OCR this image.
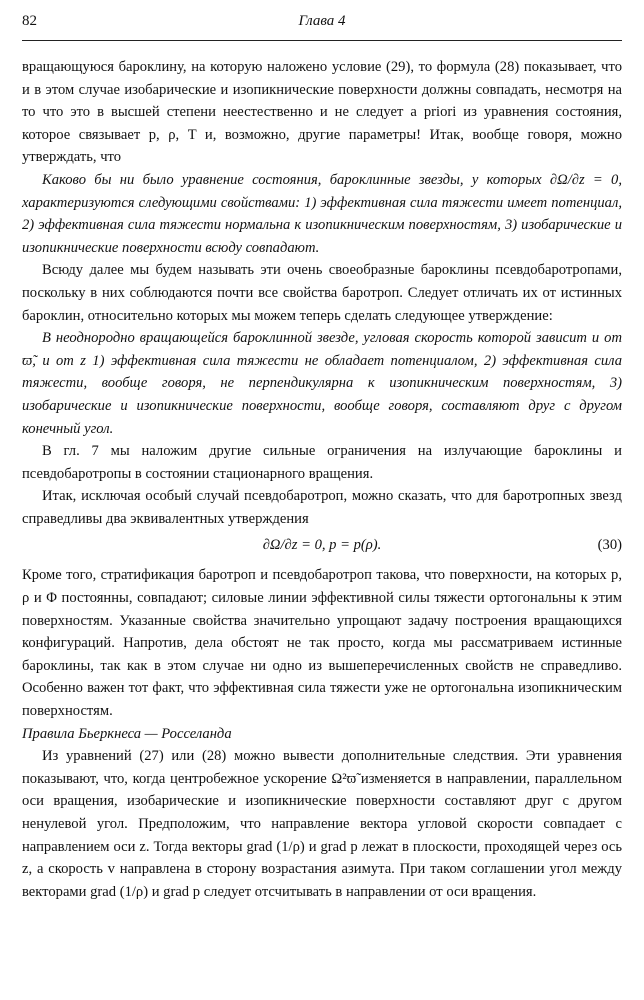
82	Глава 4

вращающуюся бароклину, на которую наложено условие (29), то формула (28) показывает, что и в этом случае изобарические и изопикнические поверхности должны совпадать, несмотря на то что это в высшей степени неестественно и не следует a priori из уравнения состояния, которое связывает p, ρ, T и, возможно, другие параметры! Итак, вообще говоря, можно утверждать, что

Каково бы ни было уравнение состояния, бароклинные звезды, у которых ∂Ω/∂z = 0, характеризуются следующими свойствами: 1) эффективная сила тяжести имеет потенциал, 2) эффективная сила тяжести нормальна к изопикническим поверхностям, 3) изобарические и изопикнические поверхности всюду совпадают.

Всюду далее мы будем называть эти очень своеобразные бароклины псевдобаротропами, поскольку в них соблюдаются почти все свойства баротроп. Следует отличать их от истинных бароклин, относительно которых мы можем теперь сделать следующее утверждение:

В неоднородно вращающейся бароклинной звезде, угловая скорость которой зависит и от ϖ̃, и от z 1) эффективная сила тяжести не обладает потенциалом, 2) эффективная сила тяжести, вообще говоря, не перпендикулярна к изопикническим поверхностям, 3) изобарические и изопикнические поверхности, вообще говоря, составляют друг с другом конечный угол.

В гл. 7 мы наложим другие сильные ограничения на излучающие бароклины и псевдобаротропы в состоянии стационарного вращения.

Итак, исключая особый случай псевдобаротроп, можно сказать, что для баротропных звезд справедливы два эквивалентных утверждения

∂Ω/∂z = 0, p = p(ρ).	(30)

Кроме того, стратификация баротроп и псевдобаротроп такова, что поверхности, на которых p, ρ и Φ постоянны, совпадают; силовые линии эффективной силы тяжести ортогональны к этим поверхностям. Указанные свойства значительно упрощают задачу построения вращающихся конфигураций. Напротив, дела обстоят не так просто, когда мы рассматриваем истинные бароклины, так как в этом случае ни одно из вышеперечисленных свойств не справедливо. Особенно важен тот факт, что эффективная сила тяжести уже не ортогональна изопикническим поверхностям.

Правила Бьеркнеса — Росселанда

Из уравнений (27) или (28) можно вывести дополнительные следствия. Эти уравнения показывают, что, когда центробежное ускорение Ω²ϖ̃ изменяется в направлении, параллельном оси вращения, изобарические и изопикнические поверхности составляют друг с другом ненулевой угол. Предположим, что направление вектора угловой скорости совпадает с направлением оси z. Тогда векторы grad (1/ρ) и grad p лежат в плоскости, проходящей через ось z, а скорость v направлена в сторону возрастания азимута. При таком соглашении угол между векторами grad (1/ρ) и grad p следует отсчитывать в направлении от оси вращения.
